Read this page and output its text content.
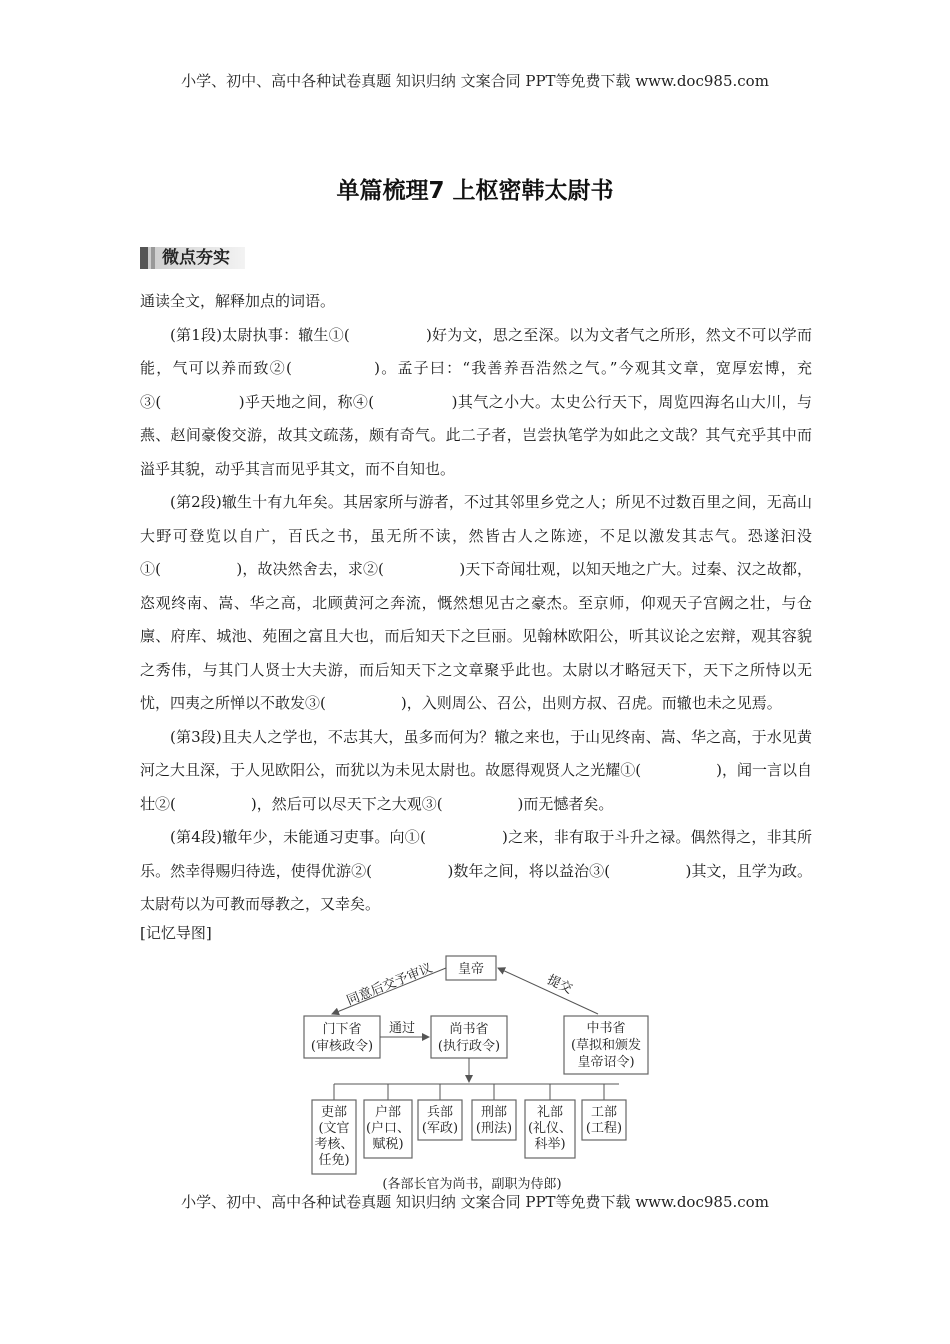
小学、初中、高中各种试卷真题 知识归纳 文案合同 PPT等免费下载 www.doc985.com
单篇梳理7 上枢密韩太尉书
微点夯实

通读全文，解释加点的词语。

(第1段)太尉执事：辙生①(　　　　　)好为文，思之至深。以为文者气之所形，然文不可以学而能，气可以养而致②(　　　　　)。孟子曰：“我善养吾浩然之气。”今观其文章，宽厚宏博，充③(　　　　　)乎天地之间，称④(　　　　　)其气之小大。太史公行天下，周览四海名山大川，与燕、赵间豪俊交游，故其文疏荡，颇有奇气。此二子者，岂尝执笔学为如此之文哉？其气充乎其中而溢乎其貌，动乎其言而见乎其文，而不自知也。

(第2段)辙生十有九年矣。其居家所与游者，不过其邻里乡党之人；所见不过数百里之间，无高山大野可登览以自广，百氏之书，虽无所不读，然皆古人之陈迹，不足以激发其志气。恐遂汩没①(　　　　　)，故决然舍去，求②(　　　　　)天下奇闻壮观，以知天地之广大。过秦、汉之故都，恣观终南、嵩、华之高，北顾黄河之奔流，慨然想见古之豪杰。至京师，仰观天子宫阙之壮，与仓廪、府库、城池、苑囿之富且大也，而后知天下之巨丽。见翰林欧阳公，听其议论之宏辩，观其容貌之秀伟，与其门人贤士大夫游，而后知天下之文章聚乎此也。太尉以才略冠天下，天下之所恃以无忧，四夷之所惮以不敢发③(　　　　　)，入则周公、召公，出则方叔、召虎。而辙也未之见焉。

(第3段)且夫人之学也，不志其大，虽多而何为？辙之来也，于山见终南、嵩、华之高，于水见黄河之大且深，于人见欧阳公，而犹以为未见太尉也。故愿得观贤人之光耀①(　　　　　)，闻一言以自壮②(　　　　　)，然后可以尽天下之大观③(　　　　　)而无憾者矣。

(第4段)辙年少，未能通习吏事。向①(　　　　　)之来，非有取于斗升之禄。偶然得之，非其所乐。然幸得赐归待选，使得优游②(　　　　　)数年之间，将以益治③(　　　　　)其文，且学为政。太尉苟以为可教而辱教之，又幸矣。

[记忆导图]
皇帝
同意后交予审议	提交
门下省
(审核政令)
通过	尚书省
(执行政令)
中书省
(草拟和颁发
皇帝诏令)
吏部
(文官
考核、
任免)
户部
(户口、
赋税)
兵部
(军政)
刑部
(刑法)
礼部
(礼仪、
科举)
工部
(工程)
(各部长官为尚书，副职为侍郎)
小学、初中、高中各种试卷真题 知识归纳 文案合同 PPT等免费下载 www.doc985.com
